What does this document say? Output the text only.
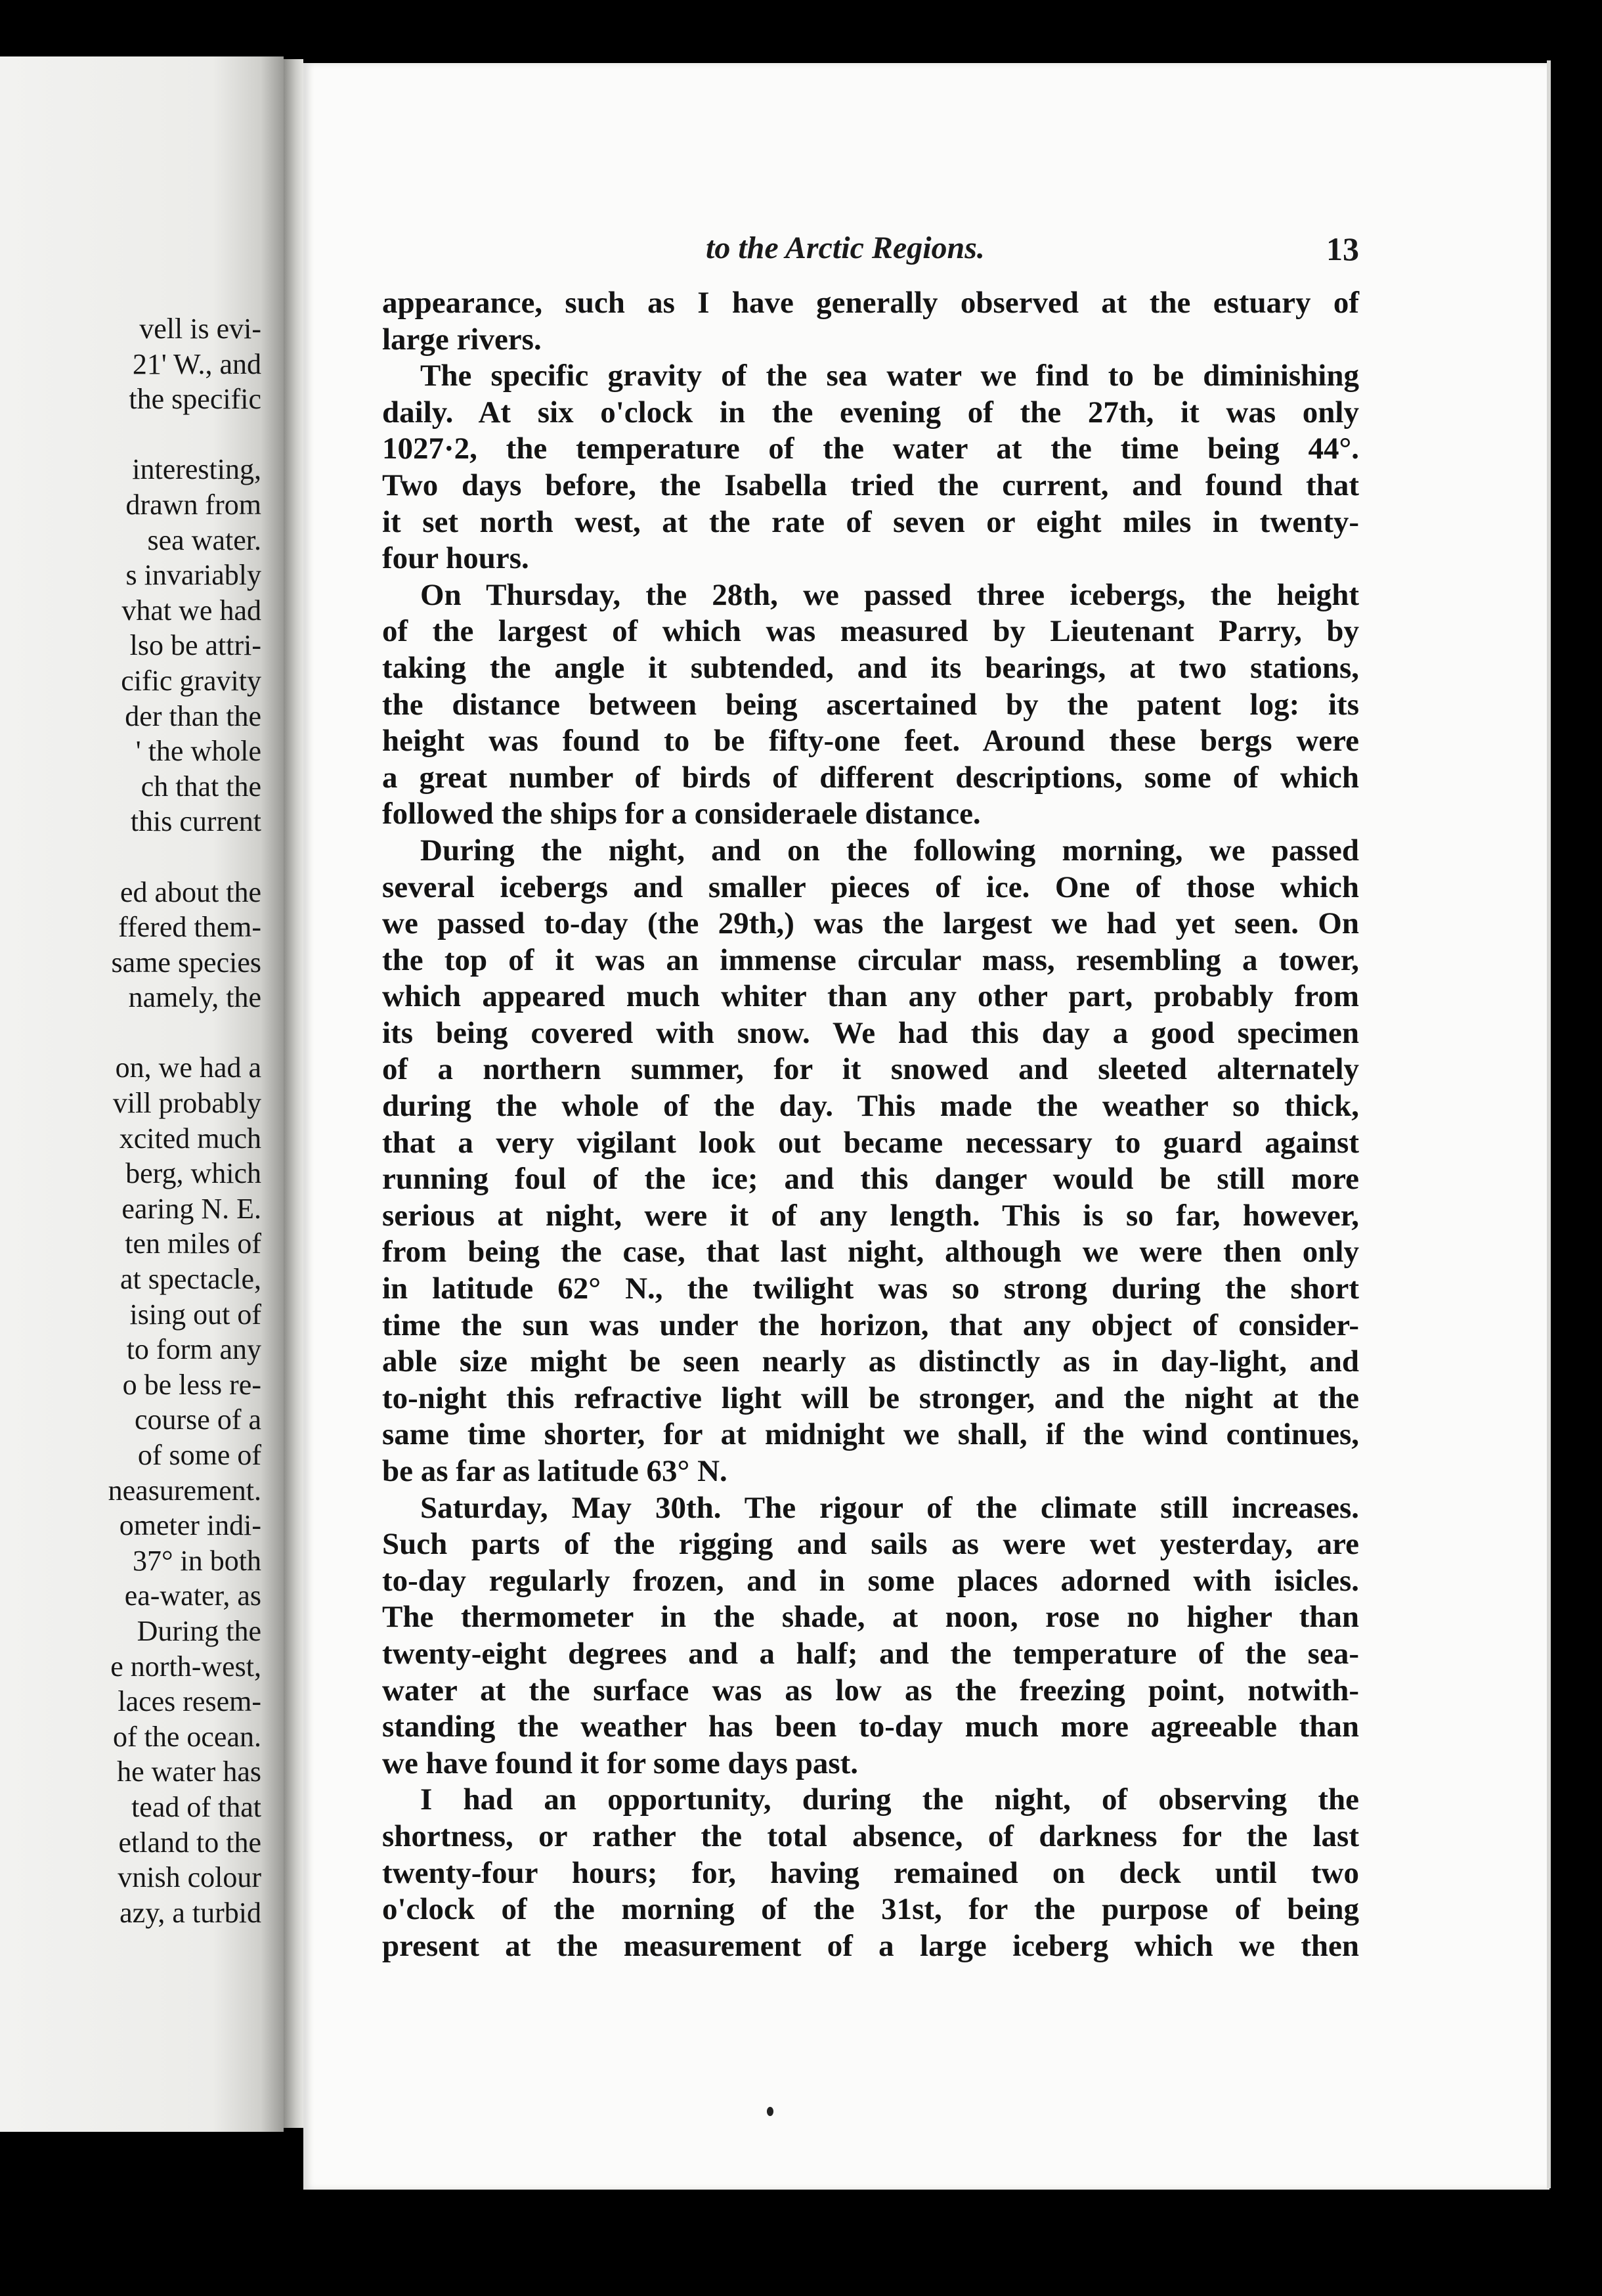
vell is evi-
21' W., and
the specific
interesting,
drawn from
sea water.
s invariably
vhat we had
lso be attri-
cific gravity
der than the
' the whole
ch that the
this current
ed about the
ffered them-
same species
namely, the
on, we had a
vill probably
xcited much
berg, which
earing N. E.
ten miles of
at spectacle,
ising out of
to form any
o be less re-
course of a
of some of
neasurement.
ometer indi-
37° in both
ea-water, as
During the
e north-west,
laces resem-
of the ocean.
he water has
tead of that
etland to the
vnish colour
azy, a turbid
to the Arctic Regions.	13
appearance, such as I have generally observed at the estuary of
large rivers.
The specific gravity of the sea water we find to be diminishing
daily. At six o'clock in the evening of the 27th, it was only
1027·2, the temperature of the water at the time being 44°.
Two days before, the Isabella tried the current, and found that
it set north west, at the rate of seven or eight miles in twenty-
four hours.
On Thursday, the 28th, we passed three icebergs, the height
of the largest of which was measured by Lieutenant Parry, by
taking the angle it subtended, and its bearings, at two stations,
the distance between being ascertained by the patent log: its
height was found to be fifty-one feet. Around these bergs were
a great number of birds of different descriptions, some of which
followed the ships for a consideraele distance.
During the night, and on the following morning, we passed
several icebergs and smaller pieces of ice. One of those which
we passed to-day (the 29th,) was the largest we had yet seen. On
the top of it was an immense circular mass, resembling a tower,
which appeared much whiter than any other part, probably from
its being covered with snow. We had this day a good specimen
of a northern summer, for it snowed and sleeted alternately
during the whole of the day. This made the weather so thick,
that a very vigilant look out became necessary to guard against
running foul of the ice; and this danger would be still more
serious at night, were it of any length. This is so far, however,
from being the case, that last night, although we were then only
in latitude 62° N., the twilight was so strong during the short
time the sun was under the horizon, that any object of consider-
able size might be seen nearly as distinctly as in day-light, and
to-night this refractive light will be stronger, and the night at the
same time shorter, for at midnight we shall, if the wind continues,
be as far as latitude 63° N.
Saturday, May 30th. The rigour of the climate still increases.
Such parts of the rigging and sails as were wet yesterday, are
to-day regularly frozen, and in some places adorned with isicles.
The thermometer in the shade, at noon, rose no higher than
twenty-eight degrees and a half; and the temperature of the sea-
water at the surface was as low as the freezing point, notwith-
standing the weather has been to-day much more agreeable than
we have found it for some days past.
I had an opportunity, during the night, of observing the
shortness, or rather the total absence, of darkness for the last
twenty-four hours; for, having remained on deck until two
o'clock of the morning of the 31st, for the purpose of being
present at the measurement of a large iceberg which we then
